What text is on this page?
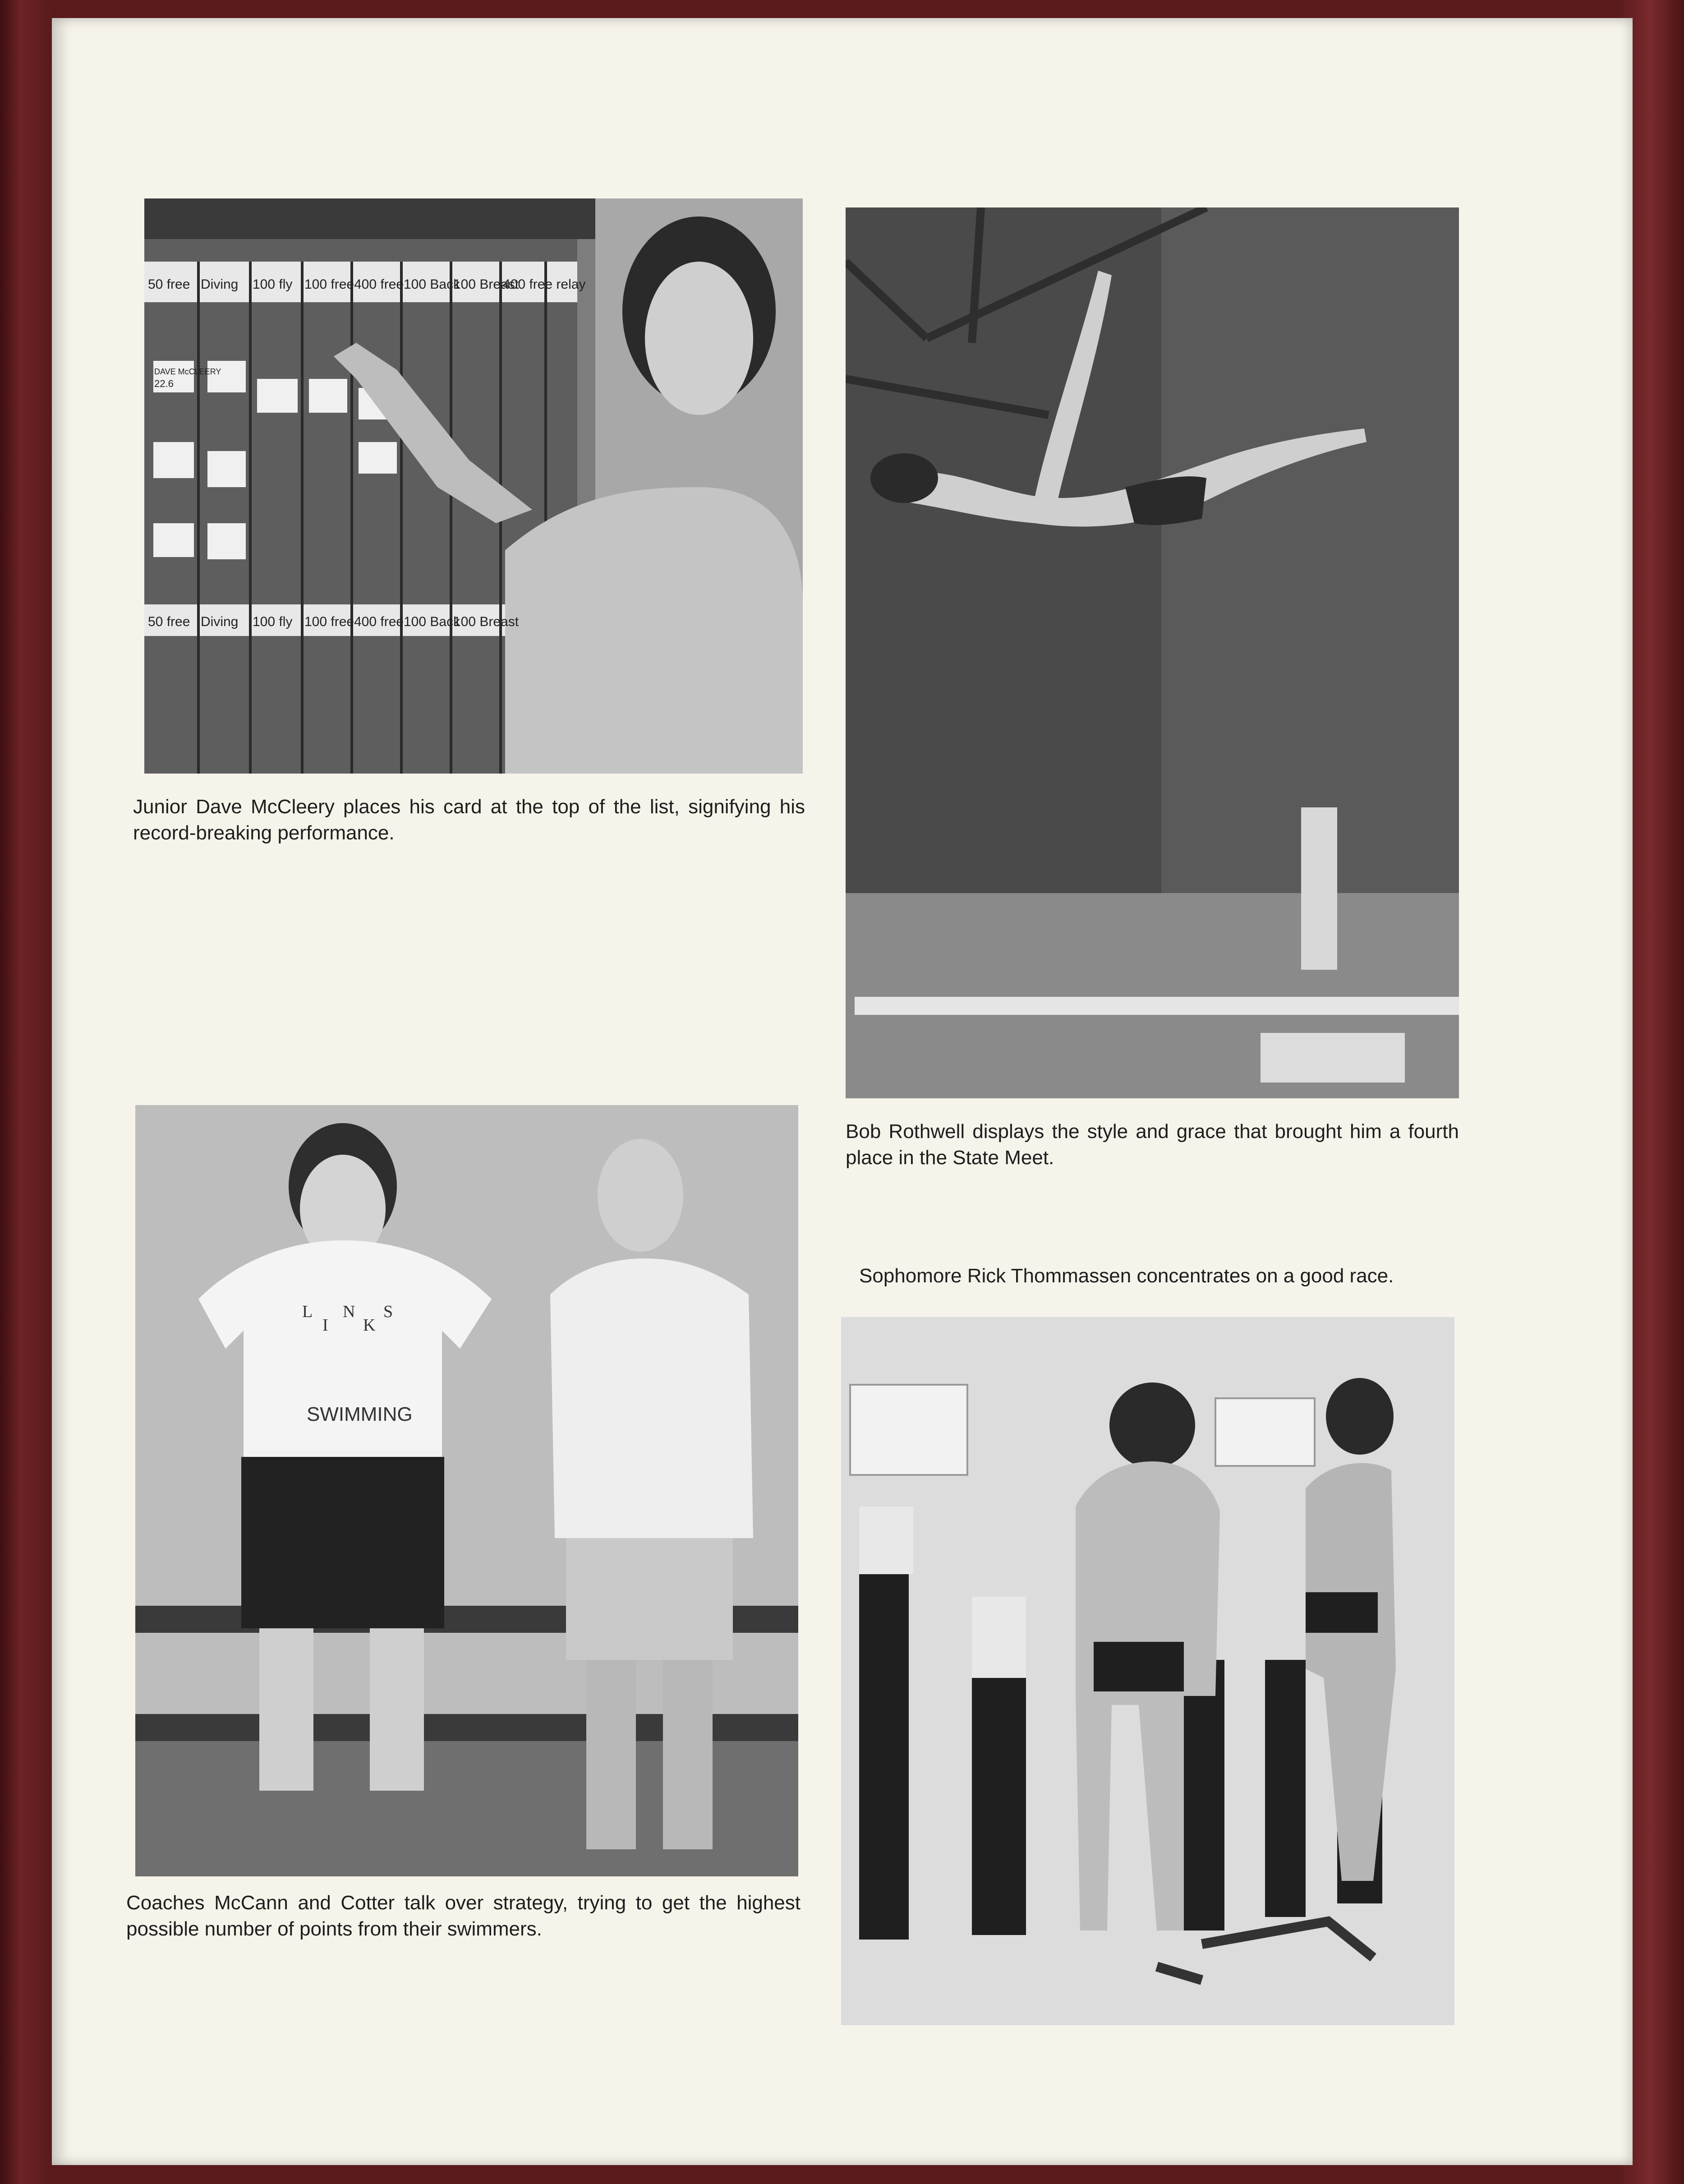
50 free Diving 100 fly 100 free 400 free 100 Back
100 Breast
400 free relay
50 free Diving 100 fly 100 free 400 free 100 Back
100 Breast
DAVE McCLEERY
22.6
SWIMMING
L
I
N
K
S

Junior Dave McCleery places his card at the top of the list, signifying his record-breaking performance.

Bob Rothwell displays the style and grace that brought him a fourth place in the State Meet.

Sophomore Rick Thommassen concentrates on a good race.

Coaches McCann and Cotter talk over strategy, trying to get the highest possible number of points from their swimmers.
